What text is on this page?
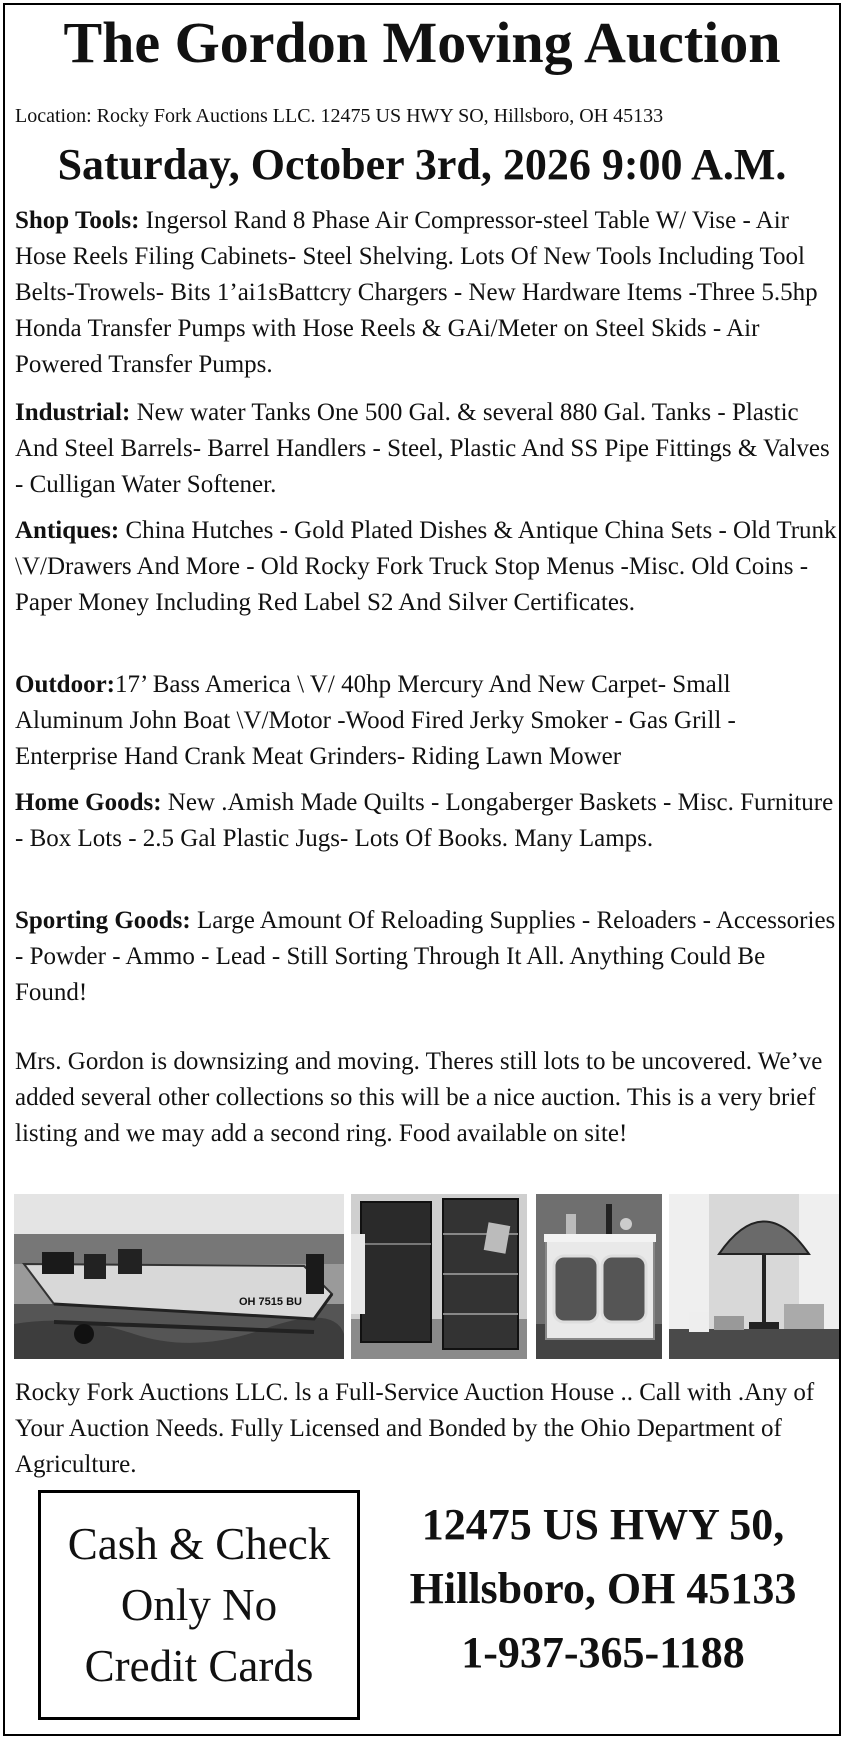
The Gordon Moving Auction
Location: Rocky Fork Auctions LLC. 12475 US HWY SO, Hillsboro, OH 45133
Saturday, October 3rd, 2026 9:00 A.M.
Shop Tools: Ingersol Rand 8 Phase Air Compressor-steel Table W/ Vise - Air Hose Reels Filing Cabinets- Steel Shelving. Lots Of New Tools Including Tool Belts-Trowels- Bits 1’ai1sBattcry Chargers - New Hardware Items -Three 5.5hp Honda Transfer Pumps with Hose Reels & GAi/Meter on Steel Skids - Air Powered Transfer Pumps.
Industrial: New water Tanks One 500 Gal. & several 880 Gal. Tanks - Plastic And Steel Barrels- Barrel Handlers - Steel, Plastic And SS Pipe Fittings & Valves - Culligan Water Softener.
Antiques: China Hutches - Gold Plated Dishes & Antique China Sets - Old Trunk \V/Drawers And More - Old Rocky Fork Truck Stop Menus -Misc. Old Coins - Paper Money Including Red Label S2 And Silver Certificates.
Outdoor:17’ Bass America \ V/ 40hp Mercury And New Carpet- Small Aluminum John Boat \V/Motor -Wood Fired Jerky Smoker - Gas Grill - Enterprise Hand Crank Meat Grinders- Riding Lawn Mower
Home Goods: New .Amish Made Quilts - Longaberger Baskets - Misc. Furniture - Box Lots - 2.5 Gal Plastic Jugs- Lots Of Books. Many Lamps.
Sporting Goods: Large Amount Of Reloading Supplies - Reloaders - Accessories - Powder - Ammo - Lead - Still Sorting Through It All. Anything Could Be Found!
Mrs. Gordon is downsizing and moving. Theres still lots to be uncovered. We’ve added several other collections so this will be a nice auction. This is a very brief listing and we may add a second ring. Food available on site!
OH 7515 BU
Rocky Fork Auctions LLC. ls a Full-Service Auction House .. Call with .Any of Your Auction Needs. Fully Licensed and Bonded by the Ohio Department of Agriculture.
Cash & Check
Only No
Credit Cards
12475 US HWY 50,
Hillsboro, OH 45133
1-937-365-1188
